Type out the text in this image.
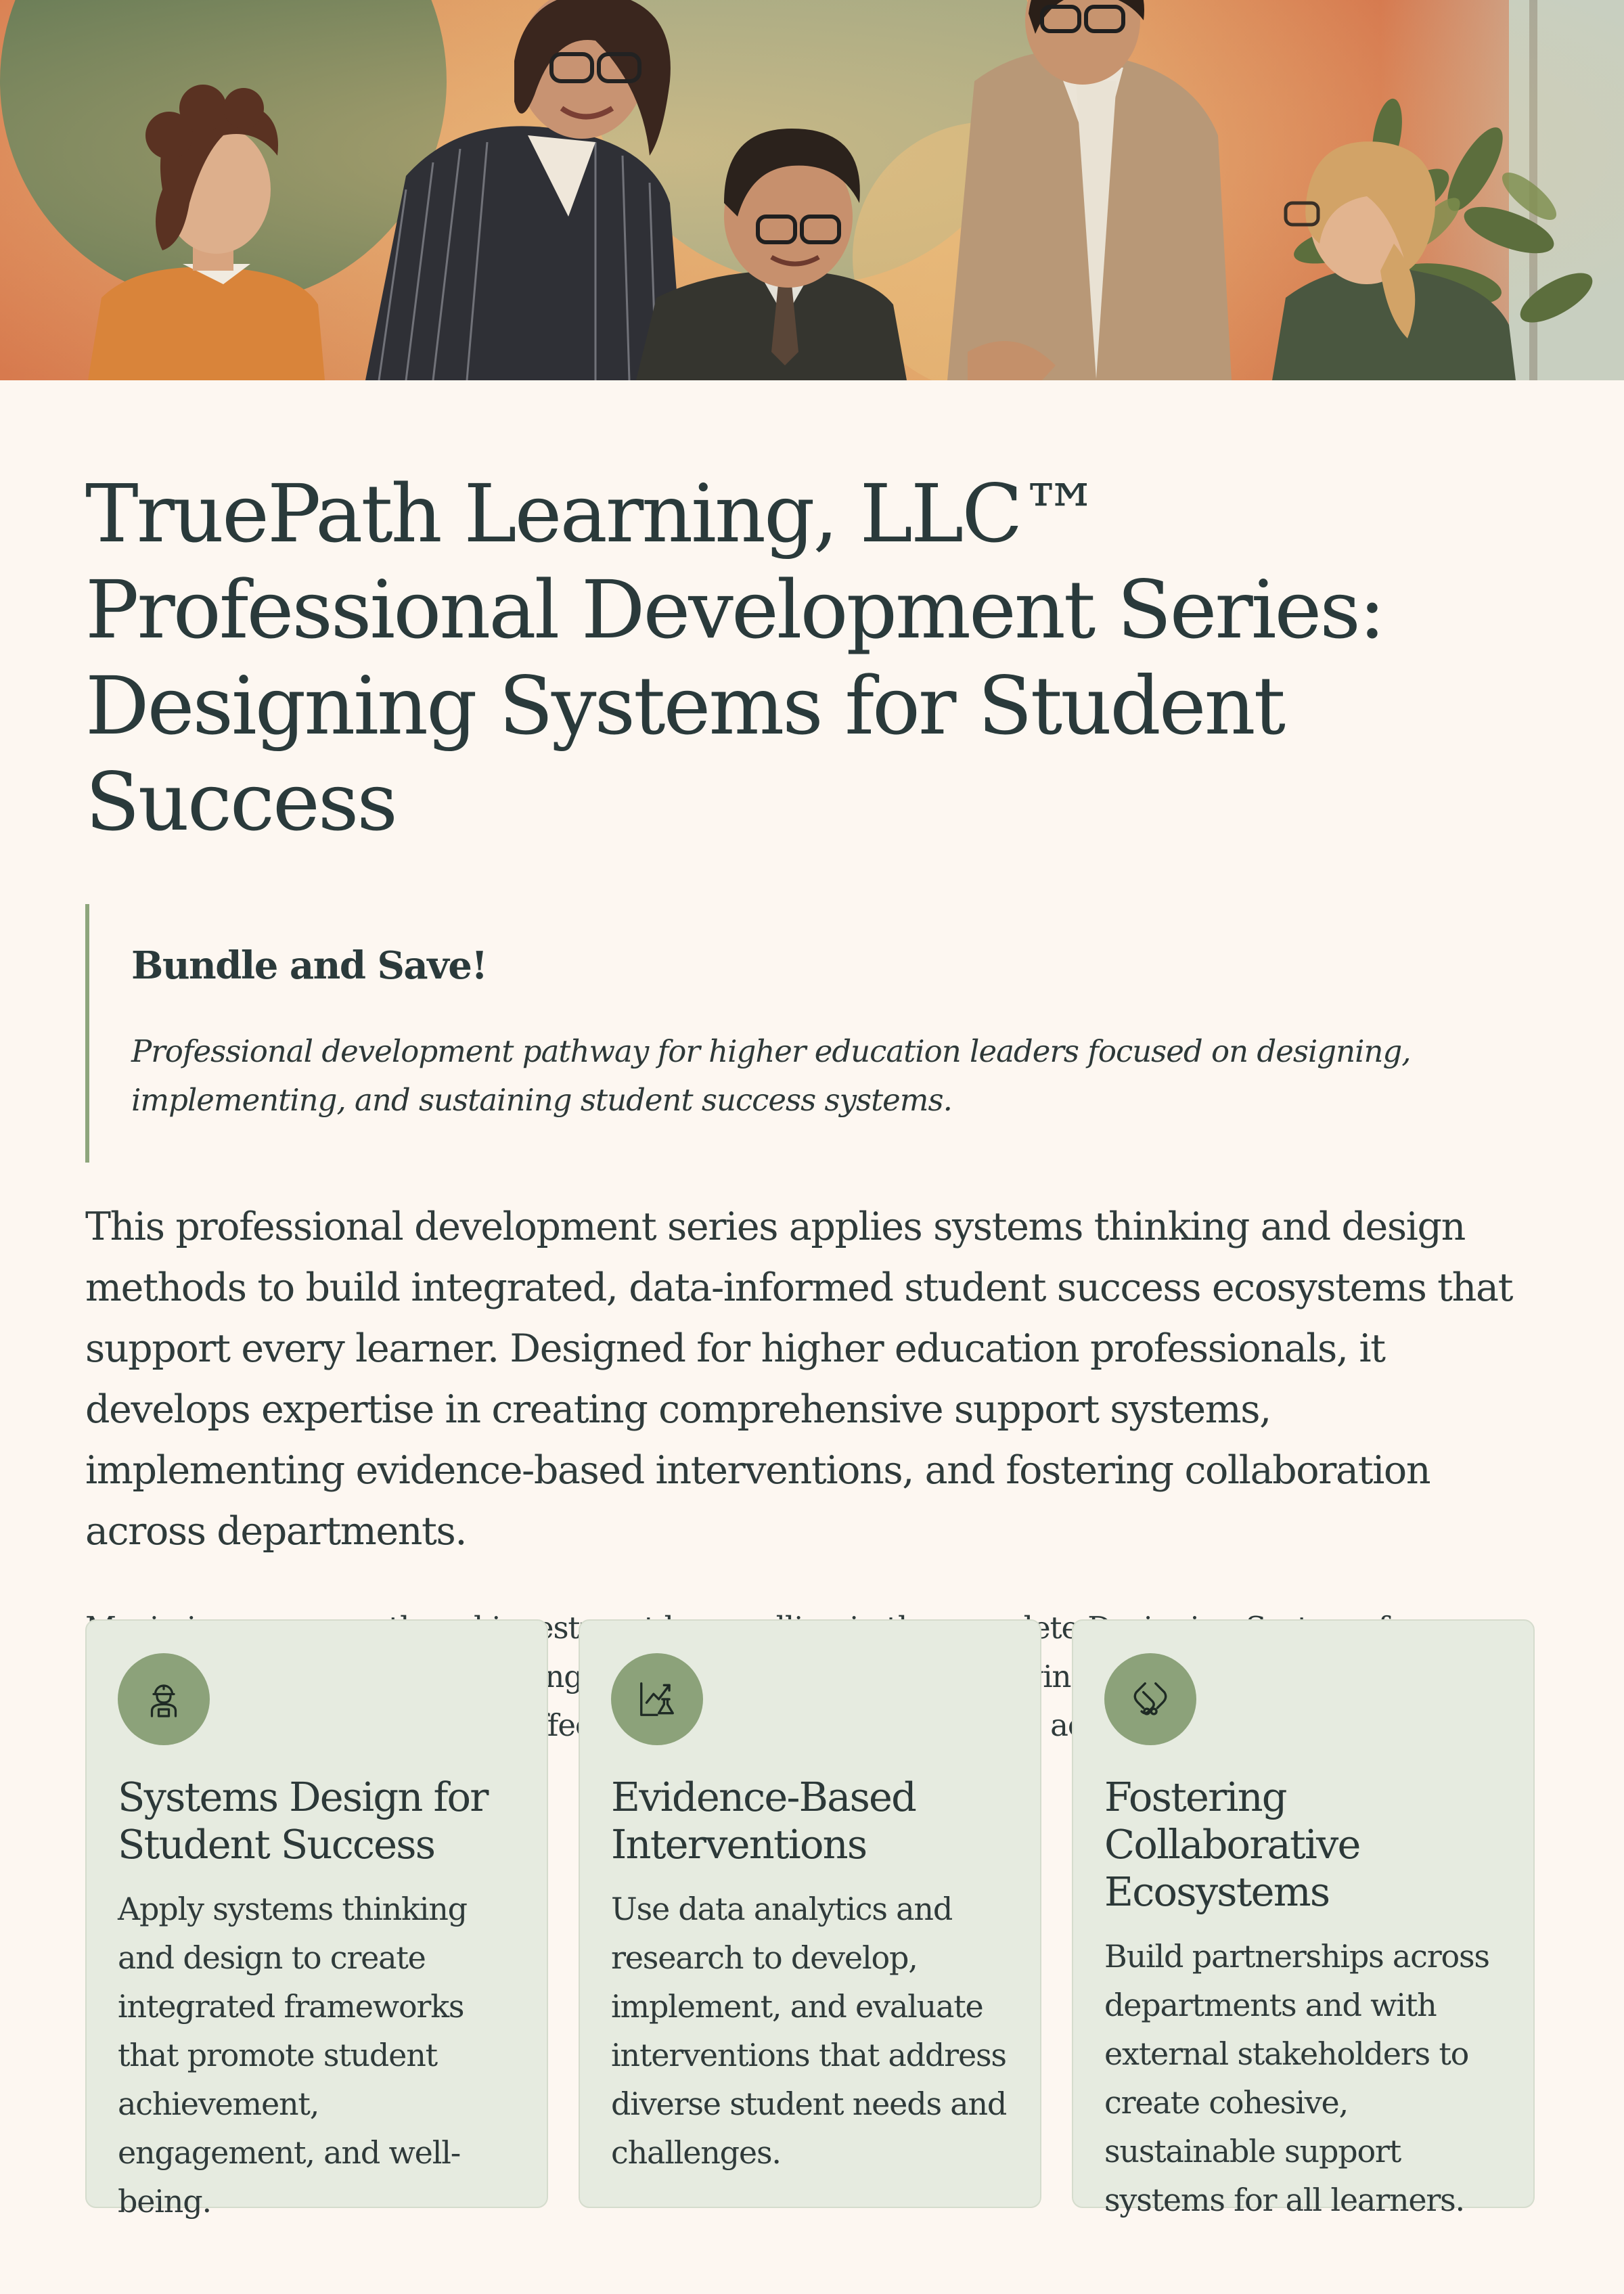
TruePath Learning, LLC™ Professional Development Series: Designing Systems for Student Success
Bundle and Save!

Professional development pathway for higher education leaders focused on designing, implementing, and sustaining student success systems.

This professional development series applies systems thinking and design methods to build integrated, data-informed student success ecosystems that support every learner. Designed for higher education professionals, it develops expertise in creating comprehensive support systems, implementing evidence-based interventions, and fostering collaboration across departments.

investment savings

Systems Design for Student Success

Apply systems thinking and design to create integrated frameworks that promote student achievement, engagement, and well-being.

Evidence-Based Interventions

Use data analytics and research to develop, implement, and evaluate interventions that address diverse student needs and challenges.

Fostering Collaborative Ecosystems

Build partnerships across departments and with external stakeholders to create cohesive, sustainable support systems for all learners.
